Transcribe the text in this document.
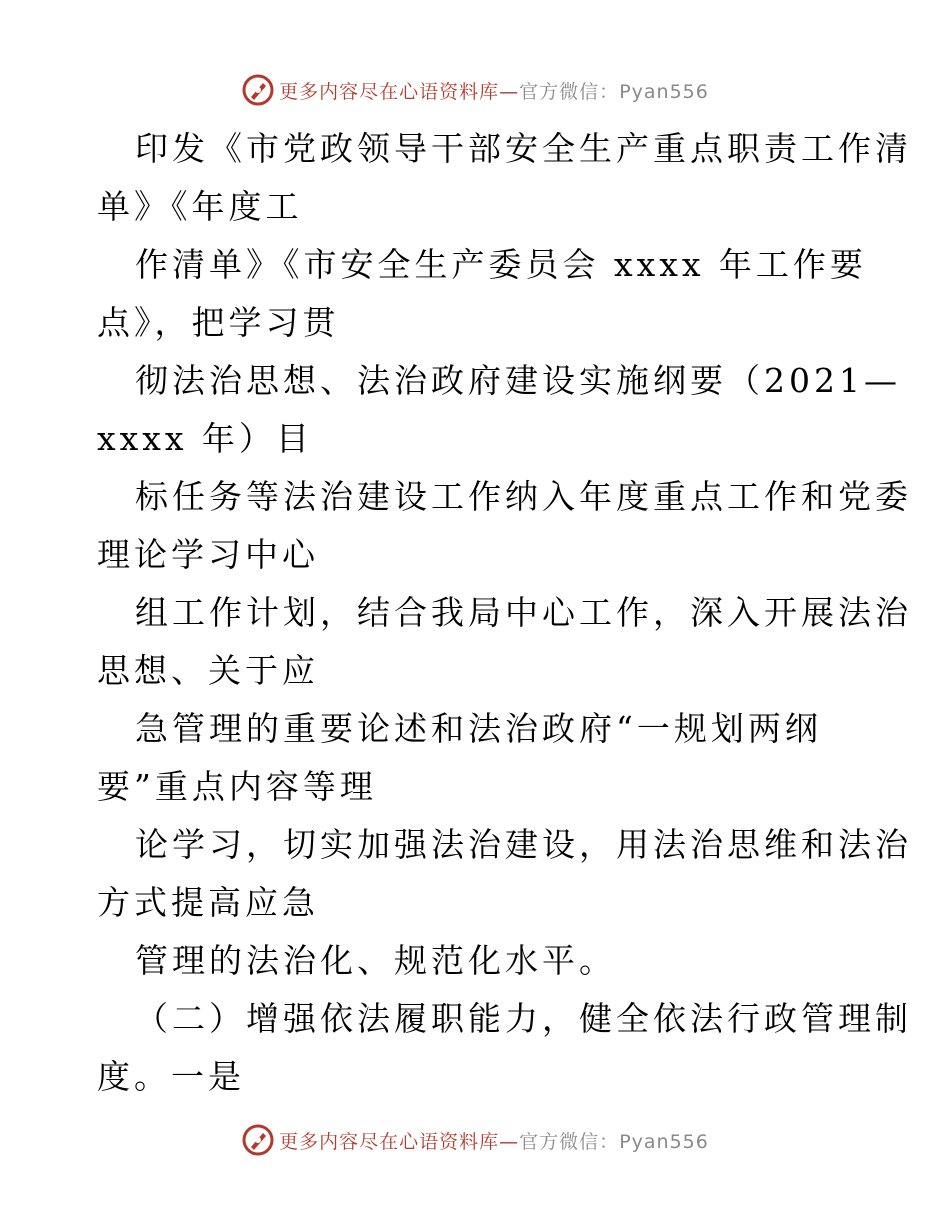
更多内容尽在心语资料库—官方微信：Pyan556
印发《市党政领导干部安全生产重点职责工作清
单》《年度工
作清单》《市安全生产委员会 xxxx 年工作要
点》，把学习贯
彻法治思想、法治政府建设实施纲要（2021—
xxxx 年）目
标任务等法治建设工作纳入年度重点工作和党委
理论学习中心
组工作计划，结合我局中心工作，深入开展法治
思想、关于应
急管理的重要论述和法治政府“一规划两纲
要”重点内容等理
论学习，切实加强法治建设，用法治思维和法治
方式提高应急
管理的法治化、规范化水平。
（二）增强依法履职能力，健全依法行政管理制
度。一是
更多内容尽在心语资料库—官方微信：Pyan556
